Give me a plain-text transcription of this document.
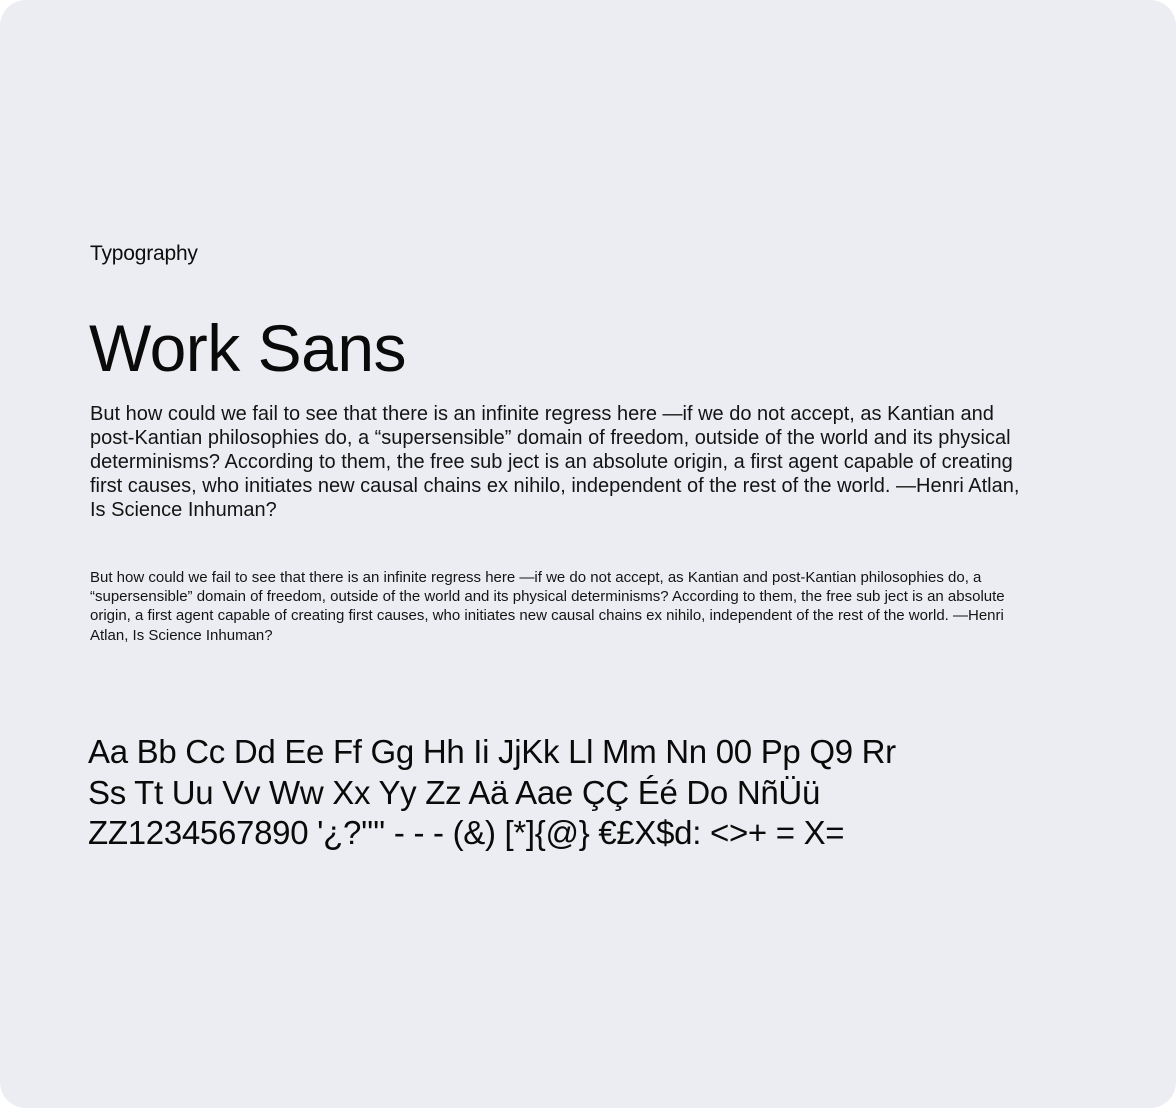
Typography
Work Sans

But how could we fail to see that there is an infinite regress here —if we do not accept, as Kantian and post-Kantian philosophies do, a “supersensible” domain of freedom, outside of the world and its physical determinisms? According to them, the free sub ject is an absolute origin, a first agent capable of creating first causes, who initiates new causal chains ex nihilo, independent of the rest of the world. —Henri Atlan, Is Science Inhuman?

But how could we fail to see that there is an infinite regress here —if we do not accept, as Kantian and post-Kantian philosophies do, a “supersensible” domain of freedom, outside of the world and its physical determinisms? According to them, the free sub ject is an absolute origin, a first agent capable of creating first causes, who initiates new causal chains ex nihilo, independent of the rest of the world. —Henri Atlan, Is Science Inhuman?

Aa Bb Cc Dd Ee Ff Gg Hh Ii JjKk Ll Mm Nn 00 Pp Q9 Rr
Ss Tt Uu Vv Ww Xx Yy Zz Aä Aae ÇÇ Éé Do NñÜü
ZZ1234567890 '¿?'''' - - - (&) [*]{@} €£X$d: <>+ = X=
